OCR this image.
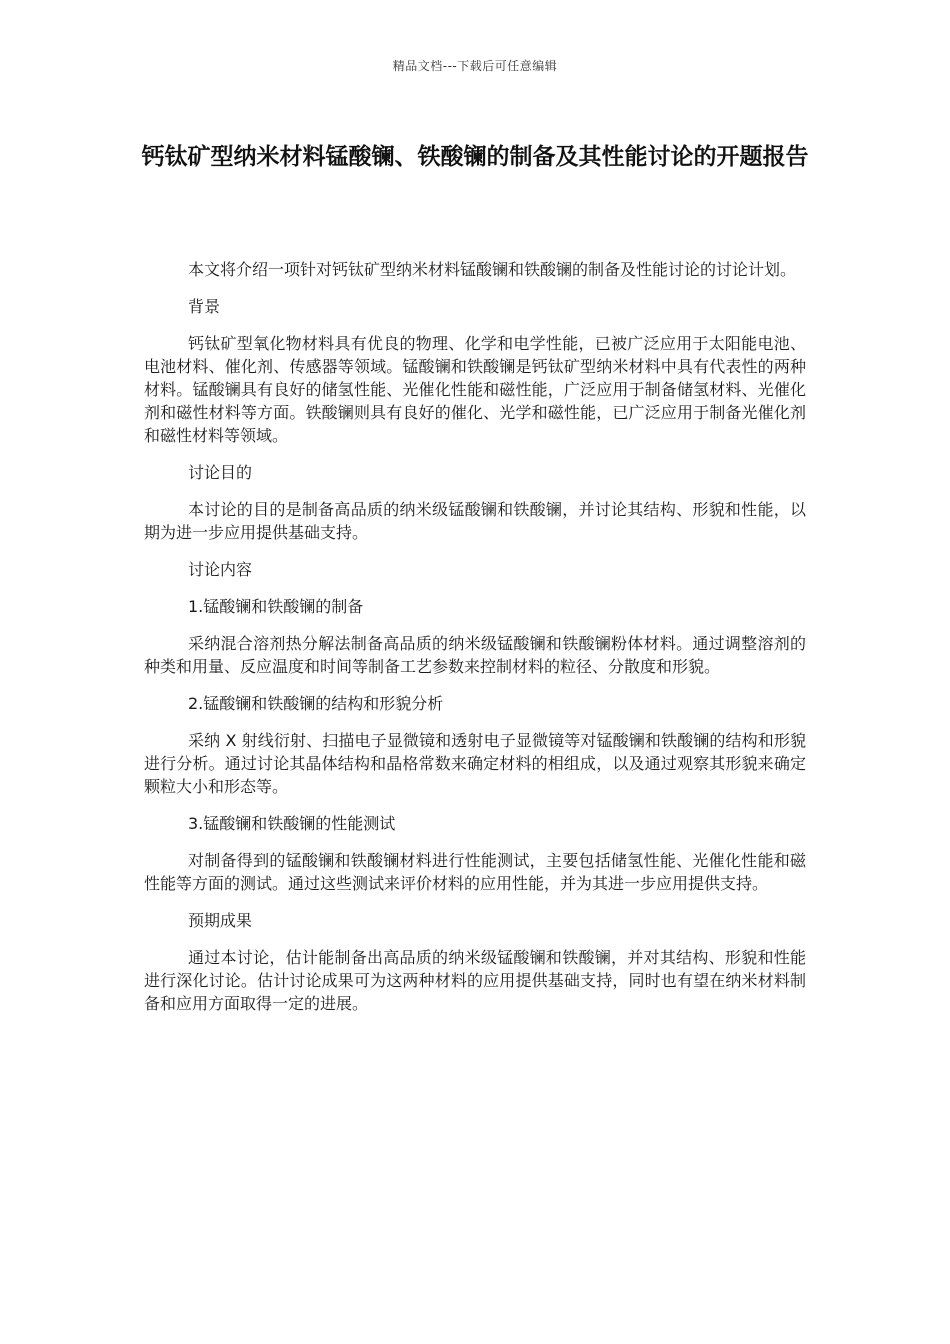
精品文档---下载后可任意编辑
钙钛矿型纳米材料锰酸镧、铁酸镧的制备及其性能讨论的开题报告

本文将介绍一项针对钙钛矿型纳米材料锰酸镧和铁酸镧的制备及性能讨论的讨论计划。

背景

钙钛矿型氧化物材料具有优良的物理、化学和电学性能，已被广泛应用于太阳能电池、电池材料、催化剂、传感器等领域。锰酸镧和铁酸镧是钙钛矿型纳米材料中具有代表性的两种材料。锰酸镧具有良好的储氢性能、光催化性能和磁性能，广泛应用于制备储氢材料、光催化剂和磁性材料等方面。铁酸镧则具有良好的催化、光学和磁性能，已广泛应用于制备光催化剂和磁性材料等领域。

讨论目的

本讨论的目的是制备高品质的纳米级锰酸镧和铁酸镧，并讨论其结构、形貌和性能，以期为进一步应用提供基础支持。

讨论内容

1.锰酸镧和铁酸镧的制备

采纳混合溶剂热分解法制备高品质的纳米级锰酸镧和铁酸镧粉体材料。通过调整溶剂的种类和用量、反应温度和时间等制备工艺参数来控制材料的粒径、分散度和形貌。

2.锰酸镧和铁酸镧的结构和形貌分析

采纳 X 射线衍射、扫描电子显微镜和透射电子显微镜等对锰酸镧和铁酸镧的结构和形貌进行分析。通过讨论其晶体结构和晶格常数来确定材料的相组成，以及通过观察其形貌来确定颗粒大小和形态等。

3.锰酸镧和铁酸镧的性能测试

对制备得到的锰酸镧和铁酸镧材料进行性能测试，主要包括储氢性能、光催化性能和磁性能等方面的测试。通过这些测试来评价材料的应用性能，并为其进一步应用提供支持。

预期成果

通过本讨论，估计能制备出高品质的纳米级锰酸镧和铁酸镧，并对其结构、形貌和性能进行深化讨论。估计讨论成果可为这两种材料的应用提供基础支持，同时也有望在纳米材料制备和应用方面取得一定的进展。
